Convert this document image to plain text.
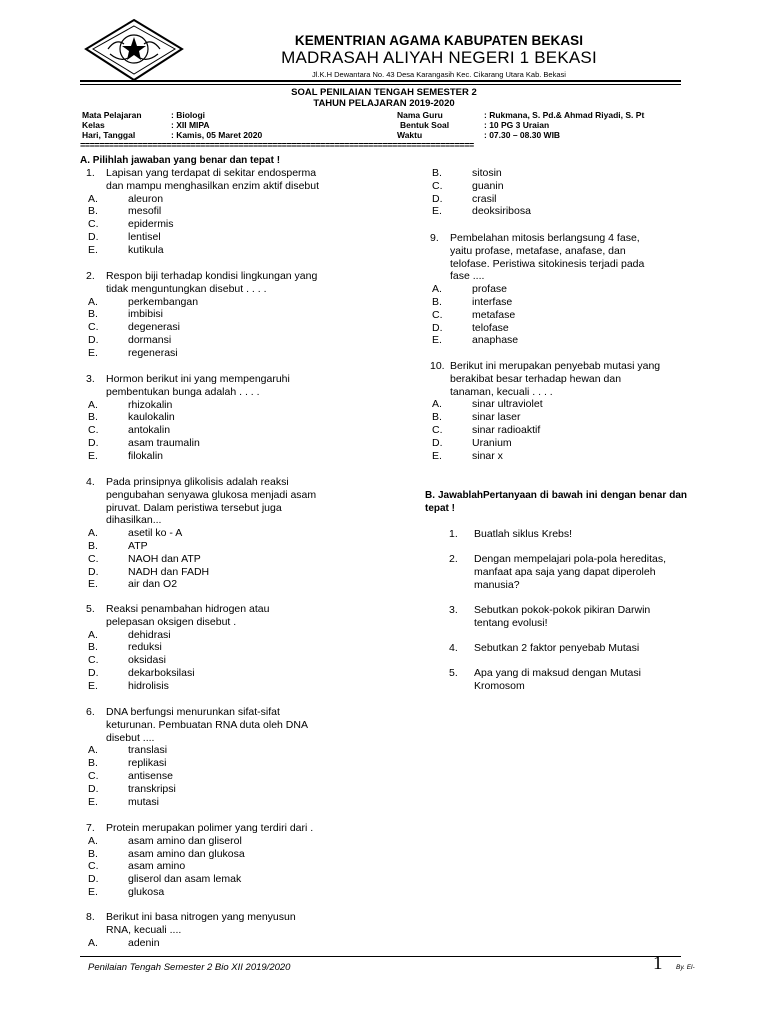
KEMENTRIAN AGAMA KABUPATEN BEKASI
MADRASAH ALIYAH NEGERI 1 BEKASI
Jl.K.H Dewantara No. 43 Desa Karangasih Kec. Cikarang Utara Kab. Bekasi
SOAL PENILAIAN TENGAH SEMESTER 2
TAHUN PELAJARAN 2019-2020
Mata Pelajaran	: Biologi
Kelas	: XII MIPA
Hari, Tanggal	: Kamis, 05 Maret 2020
Nama Guru	: Rukmana, S. Pd.& Ahmad Riyadi, S. Pt
Bentuk Soal	: 10 PG 3 Uraian
Waktu	: 07.30 – 08.30 WIB
==================================================================================
A. Pilihlah jawaban yang benar dan tepat !
1. Lapisan yang terdapat di sekitar endosperma
dan mampu menghasilkan enzim aktif disebut
A.	aleuron
B.	mesofil
C.	epidermis
D.	lentisel
E.	kutikula
2. Respon biji terhadap kondisi lingkungan yang
tidak menguntungkan disebut . . . .
A.	perkembangan
B.	imbibisi
C.	degenerasi
D.	dormansi
E.	regenerasi
3. Hormon berikut ini yang mempengaruhi
pembentukan bunga adalah . . . .
A.	rhizokalin
B.	kaulokalin
C.	antokalin
D.	asam traumalin
E.	filokalin
4. Pada prinsipnya glikolisis adalah reaksi
pengubahan senyawa glukosa menjadi asam
piruvat. Dalam peristiwa tersebut juga
dihasilkan...
A.	asetil ko - A
B.	ATP
C.	NAOH dan ATP
D.	NADH dan FADH
E.	air dan O2
5. Reaksi penambahan hidrogen atau
pelepasan oksigen disebut .
A.	dehidrasi
B.	reduksi
C.	oksidasi
D.	dekarboksilasi
E.	hidrolisis
6. DNA berfungsi menurunkan sifat-sifat
keturunan. Pembuatan RNA duta oleh DNA
disebut ....
A.	translasi
B.	replikasi
C.	antisense
D.	transkripsi
E.	mutasi
7. Protein merupakan polimer yang terdiri dari .
A.	asam amino dan gliserol
B.	asam amino dan glukosa
C.	asam amino
D.	gliserol dan asam lemak
E.	glukosa
8. Berikut ini basa nitrogen yang menyusun
RNA, kecuali ....
A.	adenin
B.	sitosin
C.	guanin
D.	crasil
E.	deoksiribosa
9. Pembelahan mitosis berlangsung 4 fase,
yaitu profase, metafase, anafase, dan
telofase. Peristiwa sitokinesis terjadi pada
fase ....
A.	profase
B.	interfase
C.	metafase
D.	telofase
E.	anaphase
10. Berikut ini merupakan penyebab mutasi yang
berakibat besar terhadap hewan dan
tanaman, kecuali . . . .
A.	sinar ultraviolet
B.	sinar laser
C.	sinar radioaktif
D.	Uranium
E.	sinar x
B. JawablahPertanyaan di bawah ini dengan benar dan tepat !
1. Buatlah siklus Krebs!
2. Dengan mempelajari pola-pola hereditas,
manfaat apa saja yang dapat diperoleh
manusia?
3. Sebutkan pokok-pokok pikiran Darwin
tentang evolusi!
4. Sebutkan 2 faktor penyebab Mutasi
5. Apa yang di maksud dengan Mutasi
Kromosom
Penilaian Tengah Semester 2 Bio XII 2019/2020	1 By. El-
